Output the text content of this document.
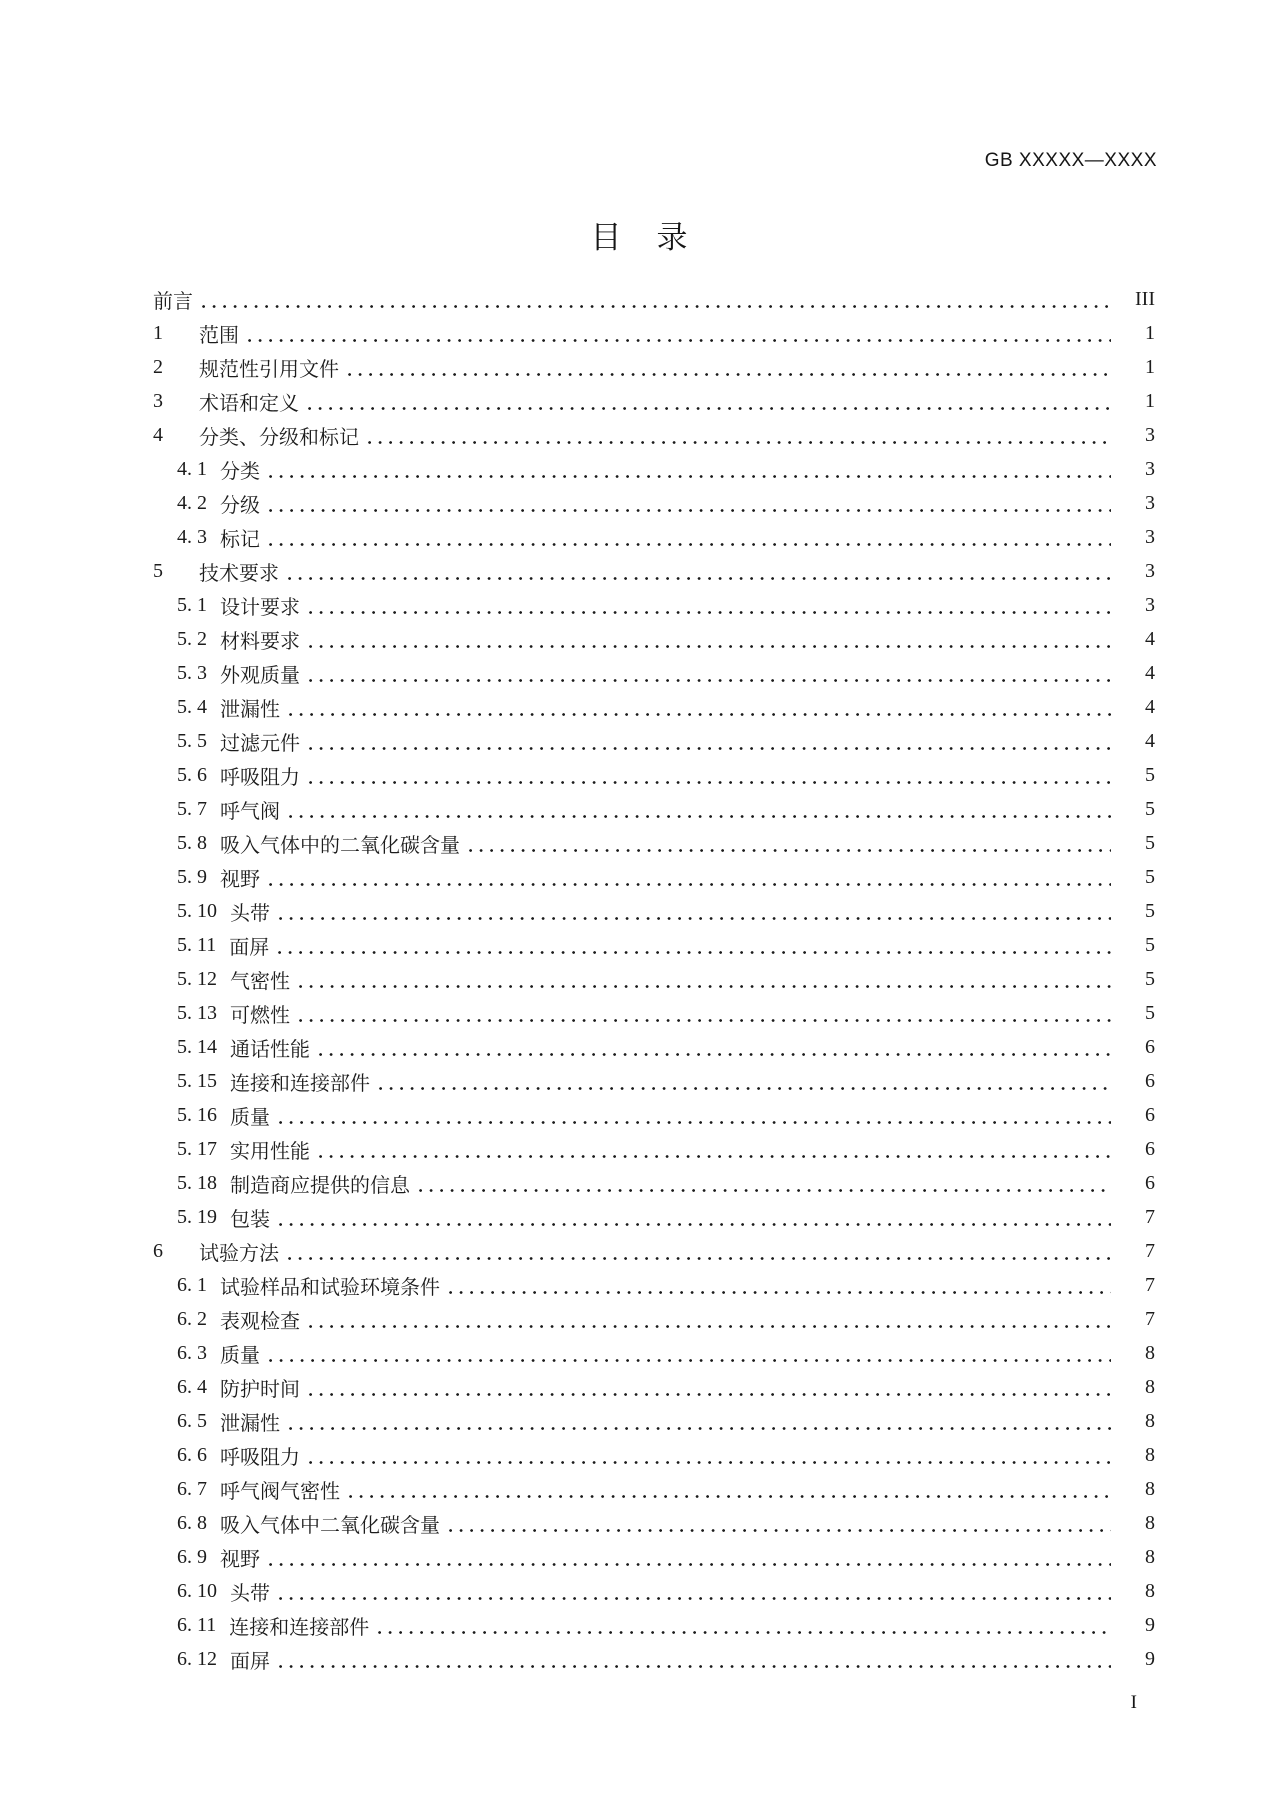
GB XXXXX—XXXX
目　录
前言	III
1	范围	1
2	规范性引用文件	1
3	术语和定义	1
4	分类、分级和标记	3
4. 1 分类	3
4. 2 分级	3
4. 3 标记	3
5	技术要求	3
5. 1 设计要求	3
5. 2 材料要求	4
5. 3 外观质量	4
5. 4 泄漏性	4
5. 5 过滤元件	4
5. 6 呼吸阻力	5
5. 7 呼气阀	5
5. 8 吸入气体中的二氧化碳含量	5
5. 9 视野	5
5. 10 头带	5
5. 11 面屏	5
5. 12 气密性	5
5. 13 可燃性	5
5. 14 通话性能	6
5. 15 连接和连接部件	6
5. 16 质量	6
5. 17 实用性能	6
5. 18 制造商应提供的信息	6
5. 19 包装	7
6	试验方法	7
6. 1 试验样品和试验环境条件	7
6. 2 表观检查	7
6. 3 质量	8
6. 4 防护时间	8
6. 5 泄漏性	8
6. 6 呼吸阻力	8
6. 7 呼气阀气密性	8
6. 8 吸入气体中二氧化碳含量	8
6. 9 视野	8
6. 10 头带	8
6. 11 连接和连接部件	9
6. 12 面屏	9
I
